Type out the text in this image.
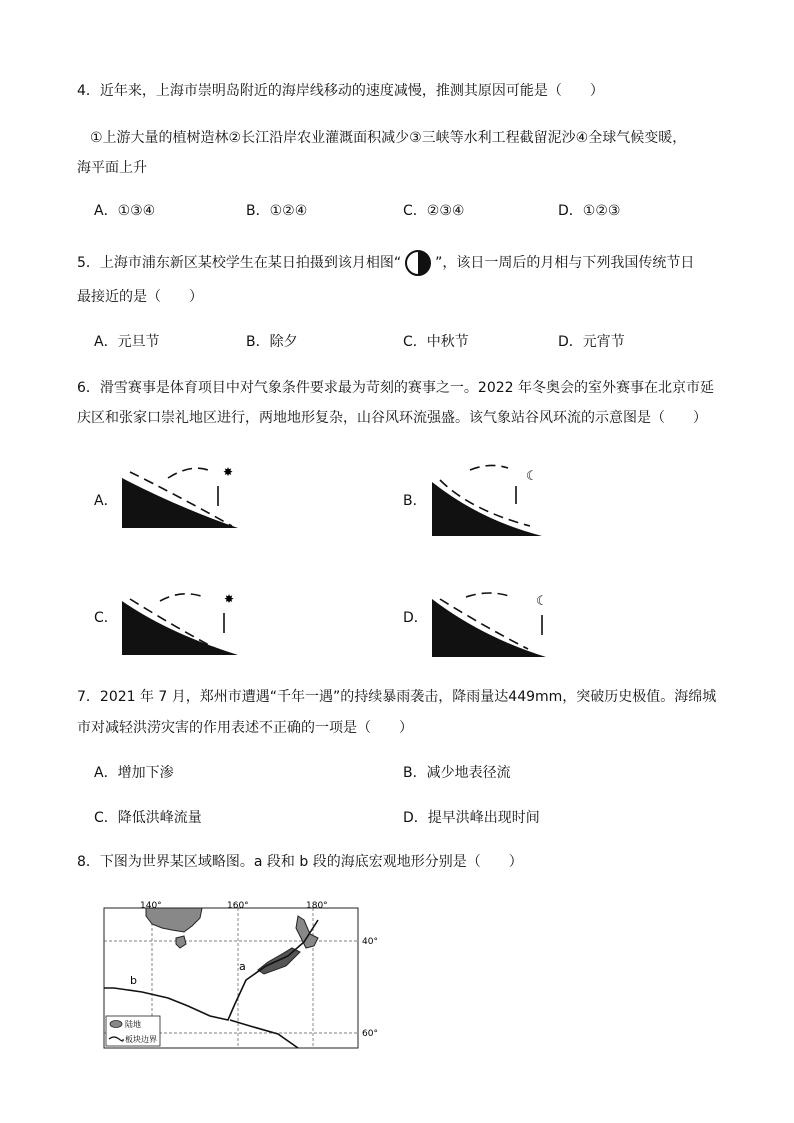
4．近年来，上海市崇明岛附近的海岸线移动的速度减慢，推测其原因可能是（　　）
①上游大量的植树造林②长江沿岸农业灌溉面积减少③三峡等水利工程截留泥沙④全球气候变暖，
海平面上升
A．①③④	B．①②④	C．②③④	D．①②③
5．上海市浦东新区某校学生在某日拍摄到该月相图“ ”，该日一周后的月相与下列我国传统节日
最接近的是（　　）
A．元旦节	B．除夕	C．中秋节	D．元宵节
6．滑雪赛事是体育项目中对气象条件要求最为苛刻的赛事之一。2022 年冬奥会的室外赛事在北京市延
庆区和张家口崇礼地区进行，两地地形复杂，山谷风环流强盛。该气象站谷风环流的示意图是（　　）
A．
✸
B．
☾
C．
✸
D．
☾
7．2021 年 7 月，郑州市遭遇“千年一遇”的持续暴雨袭击，降雨量达449mm，突破历史极值。海绵城
市对减轻洪涝灾害的作用表述不正确的一项是（　　）
A．增加下渗	B．减少地表径流
C．降低洪峰流量	D．提早洪峰出现时间
8．下图为世界某区域略图。a 段和 b 段的海底宏观地形分别是（　　）
140°	160°	180°
40°
60°
a
b
陆地
板块边界
